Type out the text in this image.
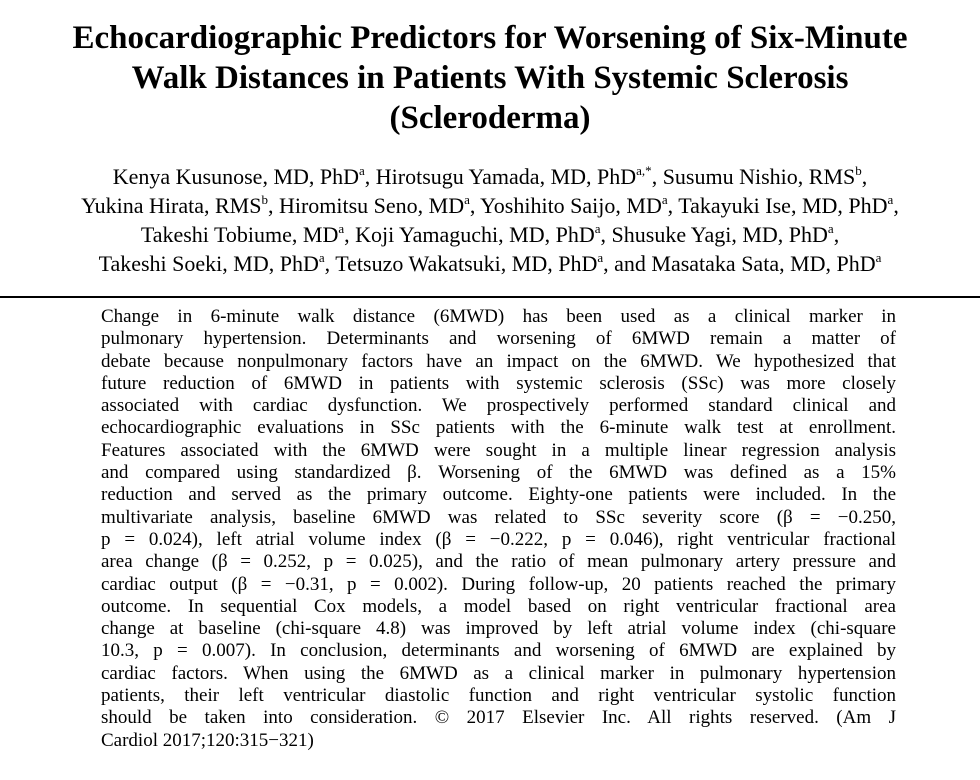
Echocardiographic Predictors for Worsening of Six-Minute
Walk Distances in Patients With Systemic Sclerosis
(Scleroderma)
Kenya Kusunose, MD, PhD$^a$, Hirotsugu Yamada, MD, PhD$^{a,*}$, Susumu Nishio, RMS$^b$,
Yukina Hirata, RMS$^b$, Hiromitsu Seno, $MD^a$, Yoshihito Saijo, $MD^a$, Takayuki Ise, MD, PhD$^a$,
Takeshi Tobiume, $MD^a$, Koji Yamaguchi, MD, PhD$^a$, Shusuke Yagi, MD, PhD$^a$,
Takeshi Soeki, MD, PhD$^a$, Tetsuzo Wakatsuki, MD, PhD$^a$, and Masataka Sata, MD, PhD$^a$
Change in 6-minute walk distance (6MWD) has been used as a clinical marker in
pulmonary hypertension. Determinants and worsening of 6MWD remain a matter of
debate because nonpulmonary factors have an impact on the 6MWD. We hypothesized that
future reduction of 6MWD in patients with systemic sclerosis (SSc) was more closely
associated with cardiac dysfunction. We prospectively performed standard clinical and
echocardiographic evaluations in SSc patients with the 6-minute walk test at enrollment.
Features associated with the 6MWD were sought in a multiple linear regression analysis
and compared using standardized β. Worsening of the 6MWD was defined as a 15%
reduction and served as the primary outcome. Eighty-one patients were included. In the
multivariate analysis, baseline 6MWD was related to SSc severity score (β = −0.250,
p = 0.024), left atrial volume index (β = −0.222, p = 0.046), right ventricular fractional
area change (β = 0.252, p = 0.025), and the ratio of mean pulmonary artery pressure and
cardiac output (β = −0.31, p = 0.002). During follow-up, 20 patients reached the primary
outcome. In sequential Cox models, a model based on right ventricular fractional area
change at baseline (chi-square 4.8) was improved by left atrial volume index (chi-square
10.3, p = 0.007). In conclusion, determinants and worsening of 6MWD are explained by
cardiac factors. When using the 6MWD as a clinical marker in pulmonary hypertension
patients, their left ventricular diastolic function and right ventricular systolic function
should be taken into consideration. © 2017 Elsevier Inc. All rights reserved. (Am J
Cardiol 2017;120:315−321)
